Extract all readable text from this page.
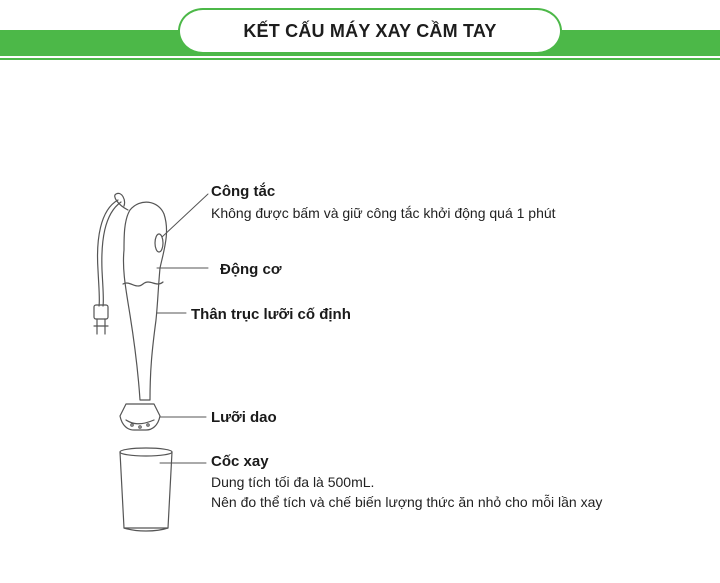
KẾT CẤU MÁY XAY CẦM TAY
Công tắc
Không được bấm và giữ công tắc khởi động quá 1 phút
Động cơ
Thân trục lưỡi cố định
Lưỡi dao
Cốc xay
Dung tích tối đa là 500mL.
Nên đo thể tích và chế biến lượng thức ăn nhỏ cho mỗi lần xay
